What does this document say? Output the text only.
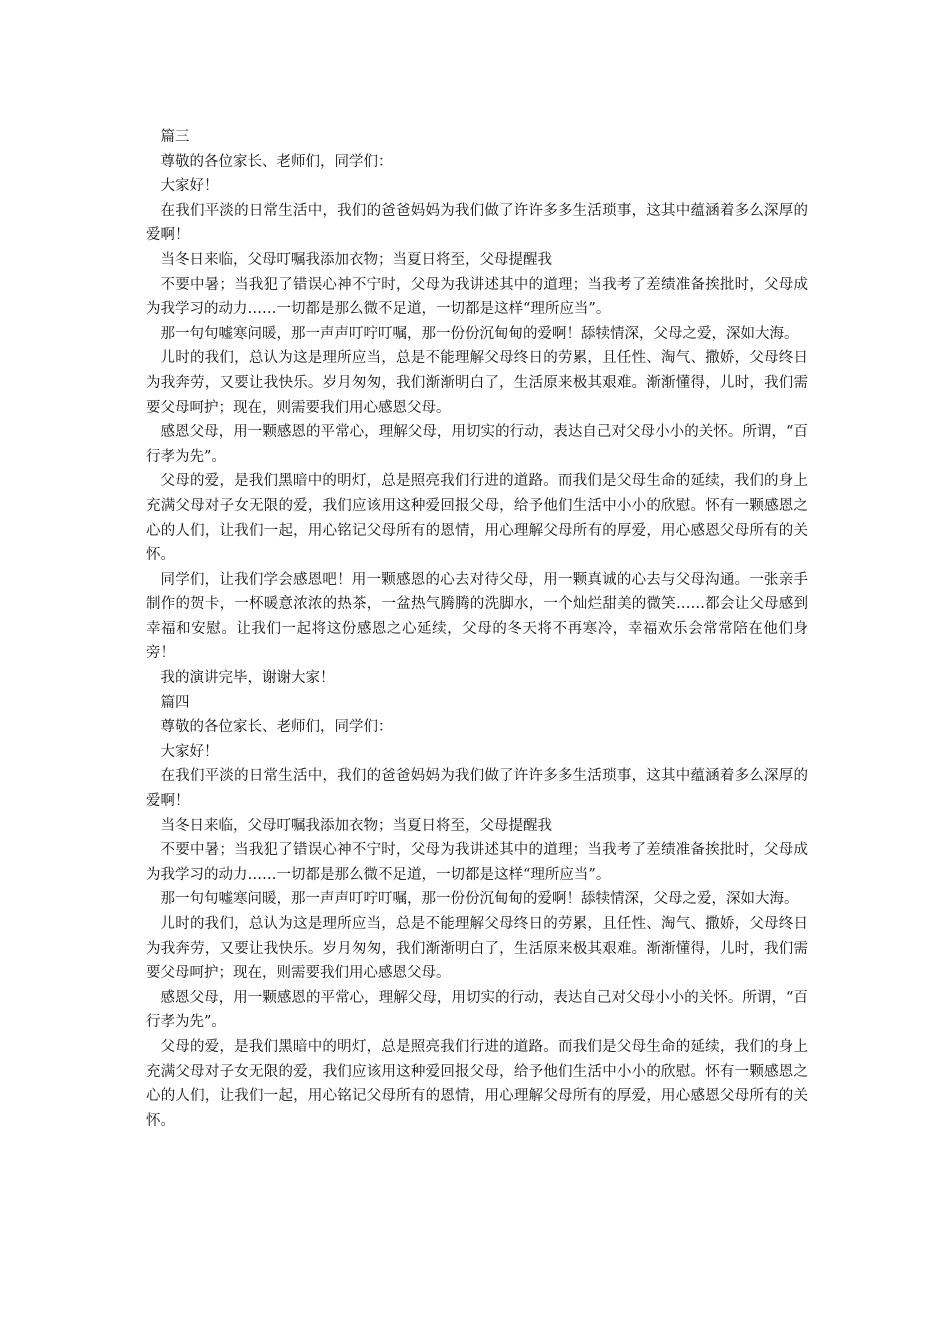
篇三

尊敬的各位家长、老师们，同学们：

大家好！

在我们平淡的日常生活中，我们的爸爸妈妈为我们做了许许多多生活琐事，这其中蕴涵着多么深厚的爱啊！

当冬日来临，父母叮嘱我添加衣物；当夏日将至，父母提醒我

不要中暑；当我犯了错误心神不宁时，父母为我讲述其中的道理；当我考了差绩准备挨批时，父母成为我学习的动力……一切都是那么微不足道，一切都是这样“理所应当”。

那一句句嘘寒问暖，那一声声叮咛叮嘱，那一份份沉甸甸的爱啊！舔犊情深，父母之爱，深如大海。

儿时的我们，总认为这是理所应当，总是不能理解父母终日的劳累，且任性、淘气、撒娇，父母终日为我奔劳，又要让我快乐。岁月匆匆，我们渐渐明白了，生活原来极其艰难。渐渐懂得，儿时，我们需要父母呵护；现在，则需要我们用心感恩父母。

感恩父母，用一颗感恩的平常心，理解父母，用切实的行动，表达自己对父母小小的关怀。所谓，“百行孝为先”。

父母的爱，是我们黑暗中的明灯，总是照亮我们行进的道路。而我们是父母生命的延续，我们的身上充满父母对子女无限的爱，我们应该用这种爱回报父母，给予他们生活中小小的欣慰。怀有一颗感恩之心的人们，让我们一起，用心铭记父母所有的恩情，用心理解父母所有的厚爱，用心感恩父母所有的关怀。

同学们，让我们学会感恩吧！用一颗感恩的心去对待父母，用一颗真诚的心去与父母沟通。一张亲手制作的贺卡，一杯暖意浓浓的热茶，一盆热气腾腾的洗脚水，一个灿烂甜美的微笑……都会让父母感到幸福和安慰。让我们一起将这份感恩之心延续，父母的冬天将不再寒冷，幸福欢乐会常常陪在他们身旁！

我的演讲完毕，谢谢大家！

篇四

尊敬的各位家长、老师们，同学们：

大家好！

在我们平淡的日常生活中，我们的爸爸妈妈为我们做了许许多多生活琐事，这其中蕴涵着多么深厚的爱啊！

当冬日来临，父母叮嘱我添加衣物；当夏日将至，父母提醒我

不要中暑；当我犯了错误心神不宁时，父母为我讲述其中的道理；当我考了差绩准备挨批时，父母成为我学习的动力……一切都是那么微不足道，一切都是这样“理所应当”。

那一句句嘘寒问暖，那一声声叮咛叮嘱，那一份份沉甸甸的爱啊！舔犊情深，父母之爱，深如大海。

儿时的我们，总认为这是理所应当，总是不能理解父母终日的劳累，且任性、淘气、撒娇，父母终日为我奔劳，又要让我快乐。岁月匆匆，我们渐渐明白了，生活原来极其艰难。渐渐懂得，儿时，我们需要父母呵护；现在，则需要我们用心感恩父母。

感恩父母，用一颗感恩的平常心，理解父母，用切实的行动，表达自己对父母小小的关怀。所谓，“百行孝为先”。

父母的爱，是我们黑暗中的明灯，总是照亮我们行进的道路。而我们是父母生命的延续，我们的身上充满父母对子女无限的爱，我们应该用这种爱回报父母，给予他们生活中小小的欣慰。怀有一颗感恩之心的人们，让我们一起，用心铭记父母所有的恩情，用心理解父母所有的厚爱，用心感恩父母所有的关怀。
